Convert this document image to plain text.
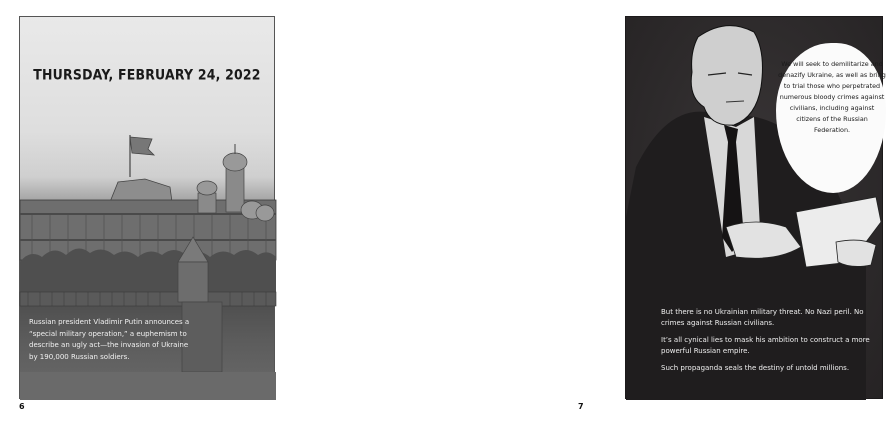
THURSDAY, FEBRUARY 24, 2022
Russian president Vladimir Putin announces a “special military operation,” a euphemism to describe an ugly act—the invasion of Ukraine by 190,000 Russian soldiers.
6
We will seek to demilitarize and denazify Ukraine, as well as bring to trial those who perpetrated numerous bloody crimes against civilians, including against citizens of the Russian Federation.

But there is no Ukrainian military threat. No Nazi peril. No crimes against Russian civilians.

It’s all cynical lies to mask his ambition to construct a more powerful Russian empire.

Such propaganda seals the destiny of untold millions.

7
